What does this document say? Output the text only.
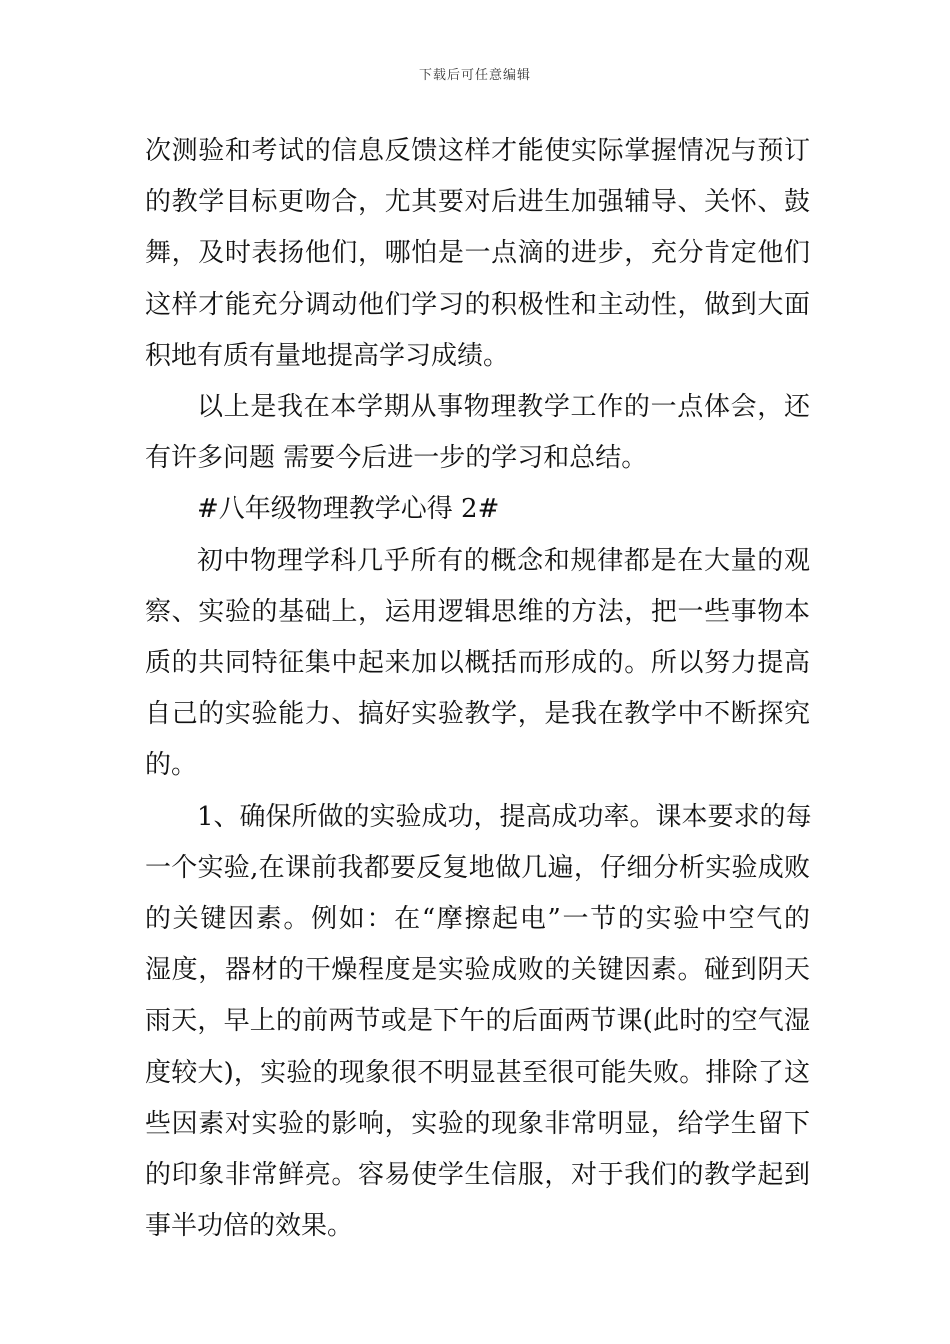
下载后可任意编辑
次测验和考试的信息反馈这样才能使实际掌握情况与预订
的教学目标更吻合，尤其要对后进生加强辅导、关怀、鼓
舞，及时表扬他们，哪怕是一点滴的进步，充分肯定他们
这样才能充分调动他们学习的积极性和主动性，做到大面
积地有质有量地提高学习成绩。
以上是我在本学期从事物理教学工作的一点体会，还
有许多问题 需要今后进一步的学习和总结。
#八年级物理教学心得 2#
初中物理学科几乎所有的概念和规律都是在大量的观
察、实验的基础上，运用逻辑思维的方法，把一些事物本
质的共同特征集中起来加以概括而形成的。所以努力提高
自己的实验能力、搞好实验教学，是我在教学中不断探究
的。
1、确保所做的实验成功，提高成功率。课本要求的每
一个实验,在课前我都要反复地做几遍，仔细分析实验成败
的关键因素。例如：在“摩擦起电”一节的实验中空气的
湿度，器材的干燥程度是实验成败的关键因素。碰到阴天
雨天，早上的前两节或是下午的后面两节课(此时的空气湿
度较大)，实验的现象很不明显甚至很可能失败。排除了这
些因素对实验的影响，实验的现象非常明显，给学生留下
的印象非常鲜亮。容易使学生信服，对于我们的教学起到
事半功倍的效果。
